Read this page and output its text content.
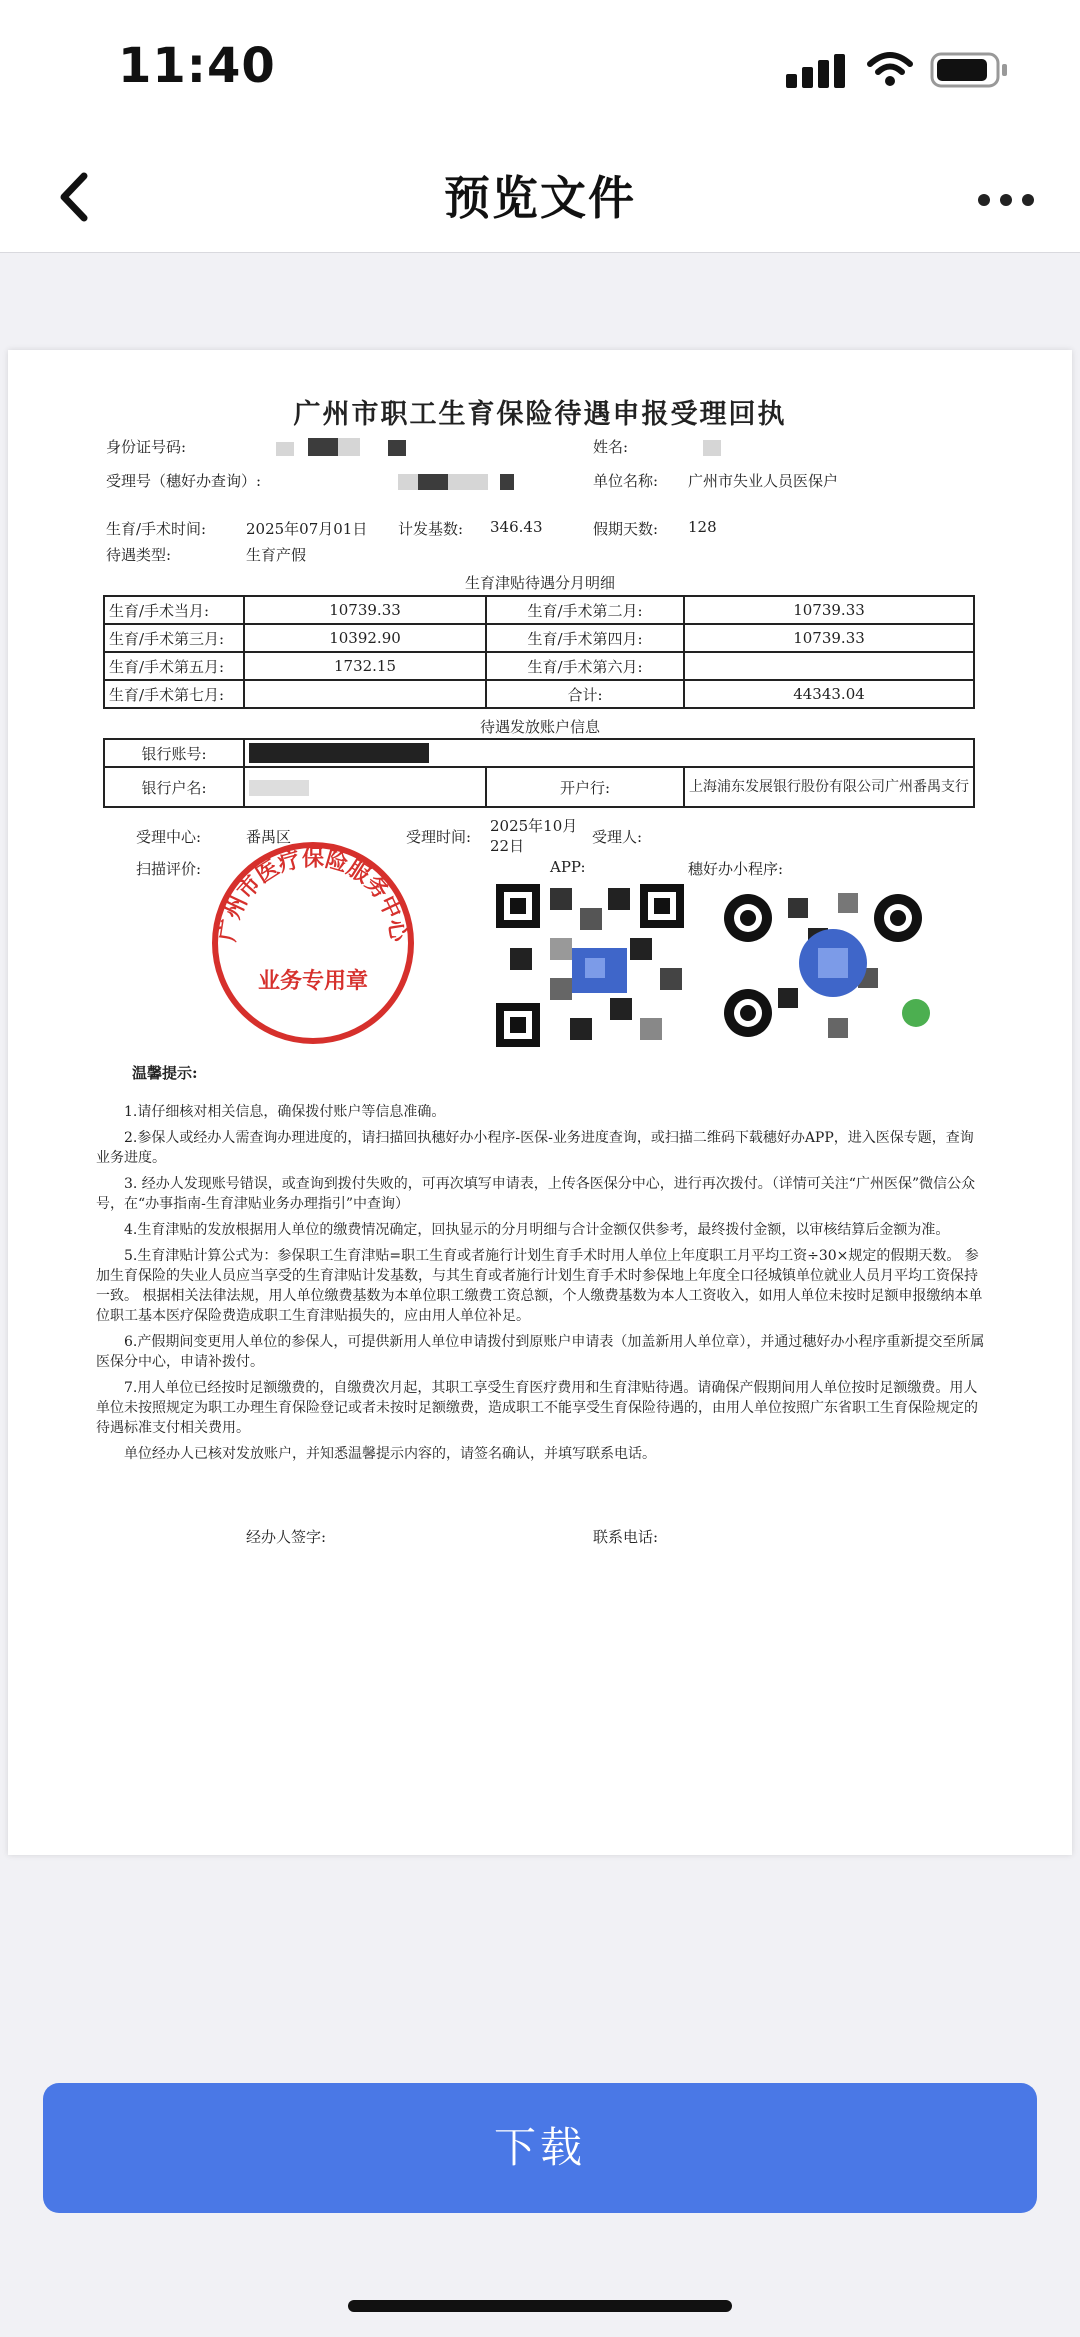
11:40
预览文件
广州市职工生育保险待遇申报受理回执
身份证号码:	姓名:
受理号（穗好办查询）:	单位名称: 广州市失业人员医保户
生育/手术时间:	2025年07月01日 计发基数: 346.43	假期天数: 128
待遇类型:	生育产假
生育津贴待遇分月明细
生育/手术当月:	10739.33	生育/手术第二月:	10739.33
生育/手术第三月:	10392.90	生育/手术第四月:	10739.33
生育/手术第五月:	1732.15	生育/手术第六月:	
生育/手术第七月:		合计:	44343.04
待遇发放账户信息
银行账号:			
银行户名:		开户行:	上海浦东发展银行股份有限公司广州番禺支行
受理中心:	番禺区	受理时间:
2025年10月22日	受理人:
扫描评价:	APP:	穗好办小程序:
广州市医疗保险服务中心
业务专用章
温馨提示:

1.请仔细核对相关信息，确保拨付账户等信息准确。

2.参保人或经办人需查询办理进度的，请扫描回执穗好办小程序-医保-业务进度查询，或扫描二维码下载穗好办APP，进入医保专题，查询业务进度。

3. 经办人发现账号错误，或查询到拨付失败的，可再次填写申请表，上传各医保分中心，进行再次拨付。（详情可关注“广州医保”微信公众号，在“办事指南-生育津贴业务办理指引”中查询）

4.生育津贴的发放根据用人单位的缴费情况确定，回执显示的分月明细与合计金额仅供参考，最终拨付金额，以审核结算后金额为准。

5.生育津贴计算公式为：参保职工生育津贴=职工生育或者施行计划生育手术时用人单位上年度职工月平均工资÷30×规定的假期天数。 参加生育保险的失业人员应当享受的生育津贴计发基数，与其生育或者施行计划生育手术时参保地上年度全口径城镇单位就业人员月平均工资保持一致。 根据相关法律法规，用人单位缴费基数为本单位职工缴费工资总额，个人缴费基数为本人工资收入，如用人单位未按时足额申报缴纳本单位职工基本医疗保险费造成职工生育津贴损失的，应由用人单位补足。

6.产假期间变更用人单位的参保人，可提供新用人单位申请拨付到原账户申请表（加盖新用人单位章），并通过穗好办小程序重新提交至所属医保分中心，申请补拨付。

7.用人单位已经按时足额缴费的，自缴费次月起，其职工享受生育医疗费用和生育津贴待遇。请确保产假期间用人单位按时足额缴费。用人单位未按照规定为职工办理生育保险登记或者未按时足额缴费，造成职工不能享受生育保险待遇的，由用人单位按照广东省职工生育保险规定的待遇标准支付相关费用。

单位经办人已核对发放账户，并知悉温馨提示内容的，请签名确认，并填写联系电话。

经办人签字:	联系电话:
下载
